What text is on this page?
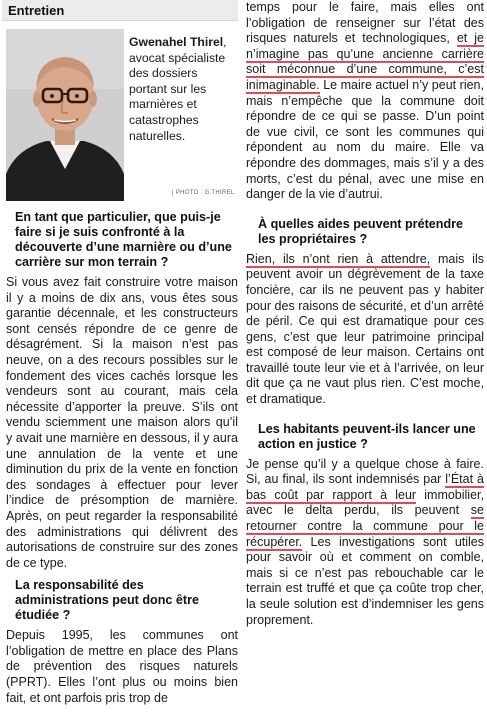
Entretien
Gwenahel Thirel, avocat spécialiste des dossiers portant sur les marnières et catastrophes naturelles.
| PHOTO : G.THIREL
En tant que particulier, que puis-je faire si je suis confronté à la découverte d’une marnière ou d’une carrière sur mon terrain ?
Si vous avez fait construire votre maison il y a moins de dix ans, vous êtes sous garantie décennale, et les constructeurs sont censés répondre de ce genre de désagrément. Si la maison n’est pas neuve, on a des recours possibles sur le fondement des vices cachés lorsque les vendeurs sont au courant, mais cela nécessite d’apporter la preuve. S’ils ont vendu sciemment une maison alors qu’il y avait une marnière en dessous, il y aura une annulation de la vente et une diminution du prix de la vente en fonction des sondages à effectuer pour lever l’indice de présomption de marnière. Après, on peut regarder la responsabilité des administrations qui délivrent des autorisations de construire sur des zones de ce type.
La responsabilité des administrations peut donc être étudiée ?
Depuis 1995, les communes ont l’obligation de mettre en place des Plans de prévention des risques naturels (PPRT). Elles l’ont plus ou moins bien fait, et ont parfois pris trop de
temps pour le faire, mais elles ont l’obligation de renseigner sur l’état des risques naturels et technologiques, et je n’imagine pas qu’une ancienne carrière soit méconnue d’une commune, c’est inimaginable. Le maire actuel n’y peut rien, mais n’empêche que la commune doit répondre de ce qui se passe. D’un point de vue civil, ce sont les communes qui répondent au nom du maire. Elle va répondre des dommages, mais s’il y a des morts, c’est du pénal, avec une mise en danger de la vie d’autrui.
À quelles aides peuvent prétendre les propriétaires ?
Rien, ils n’ont rien à attendre, mais ils peuvent avoir un dégrèvement de la taxe foncière, car ils ne peuvent pas y habiter pour des raisons de sécurité, et d’un arrêté de péril. Ce qui est dramatique pour ces gens, c’est que leur patrimoine principal est composé de leur maison. Certains ont travaillé toute leur vie et à l’arrivée, on leur dit que ça ne vaut plus rien. C’est moche, et dramatique.
Les habitants peuvent-ils lancer une action en justice ?
Je pense qu’il y a quelque chose à faire. Si, au final, ils sont indemnisés par l’État à bas coût par rapport à leur immobilier, avec le delta perdu, ils peuvent se retourner contre la commune pour le récupérer. Les investigations sont utiles pour savoir où et comment on comble, mais si ce n’est pas rebouchable car le terrain est truffé et que ça coûte trop cher, la seule solution est d’indemniser les gens proprement.
